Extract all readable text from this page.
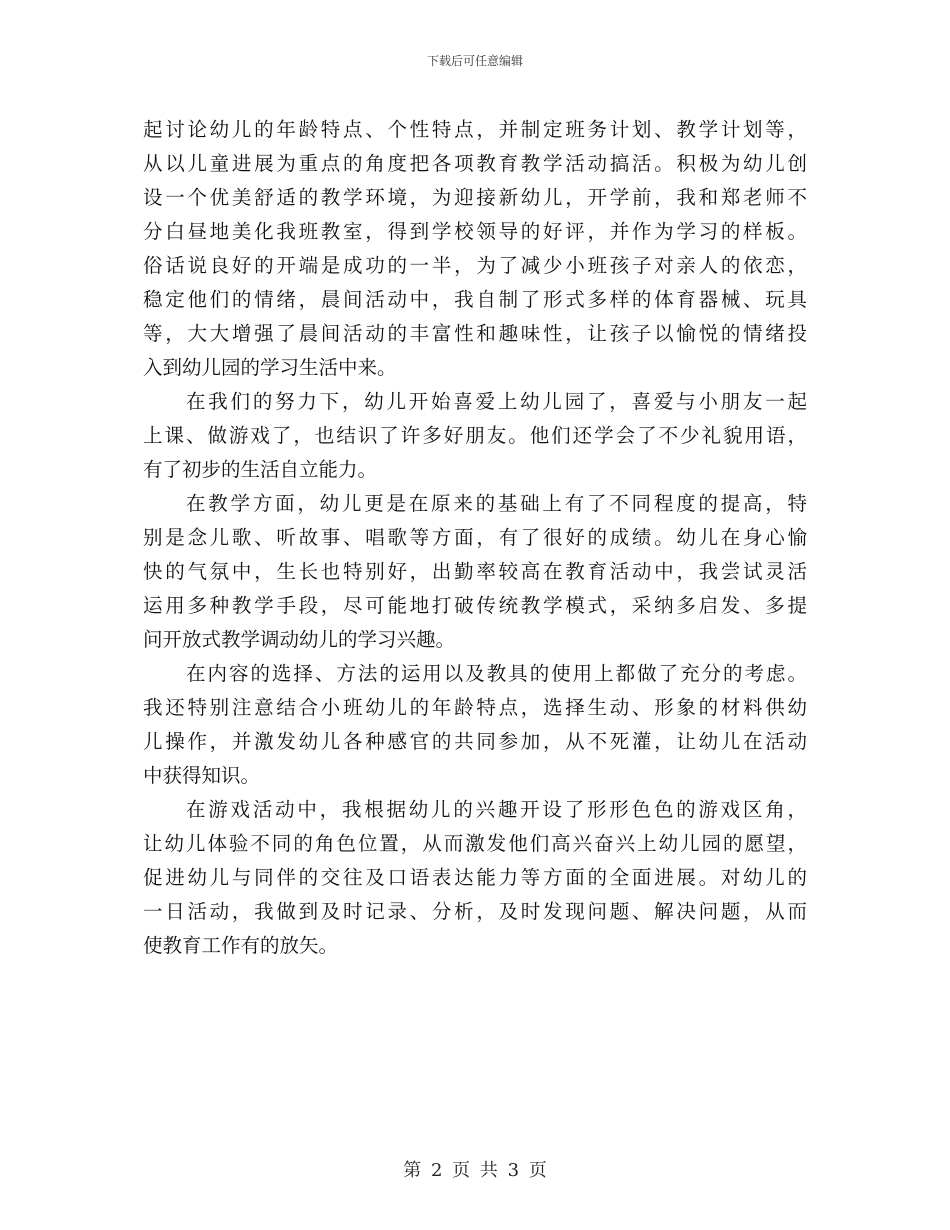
下载后可任意编辑

起讨论幼儿的年龄特点、个性特点，并制定班务计划、教学计划等，
从以儿童进展为重点的角度把各项教育教学活动搞活。积极为幼儿创
设一个优美舒适的教学环境，为迎接新幼儿，开学前，我和郑老师不
分白昼地美化我班教室，得到学校领导的好评，并作为学习的样板。
俗话说良好的开端是成功的一半，为了减少小班孩子对亲人的依恋，
稳定他们的情绪，晨间活动中，我自制了形式多样的体育器械、玩具
等，大大增强了晨间活动的丰富性和趣味性，让孩子以愉悦的情绪投
入到幼儿园的学习生活中来。
在我们的努力下，幼儿开始喜爱上幼儿园了，喜爱与小朋友一起
上课、做游戏了，也结识了许多好朋友。他们还学会了不少礼貌用语，
有了初步的生活自立能力。
在教学方面，幼儿更是在原来的基础上有了不同程度的提高，特
别是念儿歌、听故事、唱歌等方面，有了很好的成绩。幼儿在身心愉
快的气氛中，生长也特别好，出勤率较高在教育活动中，我尝试灵活
运用多种教学手段，尽可能地打破传统教学模式，采纳多启发、多提
问开放式教学调动幼儿的学习兴趣。
在内容的选择、方法的运用以及教具的使用上都做了充分的考虑。
我还特别注意结合小班幼儿的年龄特点，选择生动、形象的材料供幼
儿操作，并激发幼儿各种感官的共同参加，从不死灌，让幼儿在活动
中获得知识。
在游戏活动中，我根据幼儿的兴趣开设了形形色色的游戏区角，
让幼儿体验不同的角色位置，从而激发他们高兴奋兴上幼儿园的愿望，
促进幼儿与同伴的交往及口语表达能力等方面的全面进展。对幼儿的
一日活动，我做到及时记录、分析，及时发现问题、解决问题，从而
使教育工作有的放矢。

第 2 页 共 3 页
